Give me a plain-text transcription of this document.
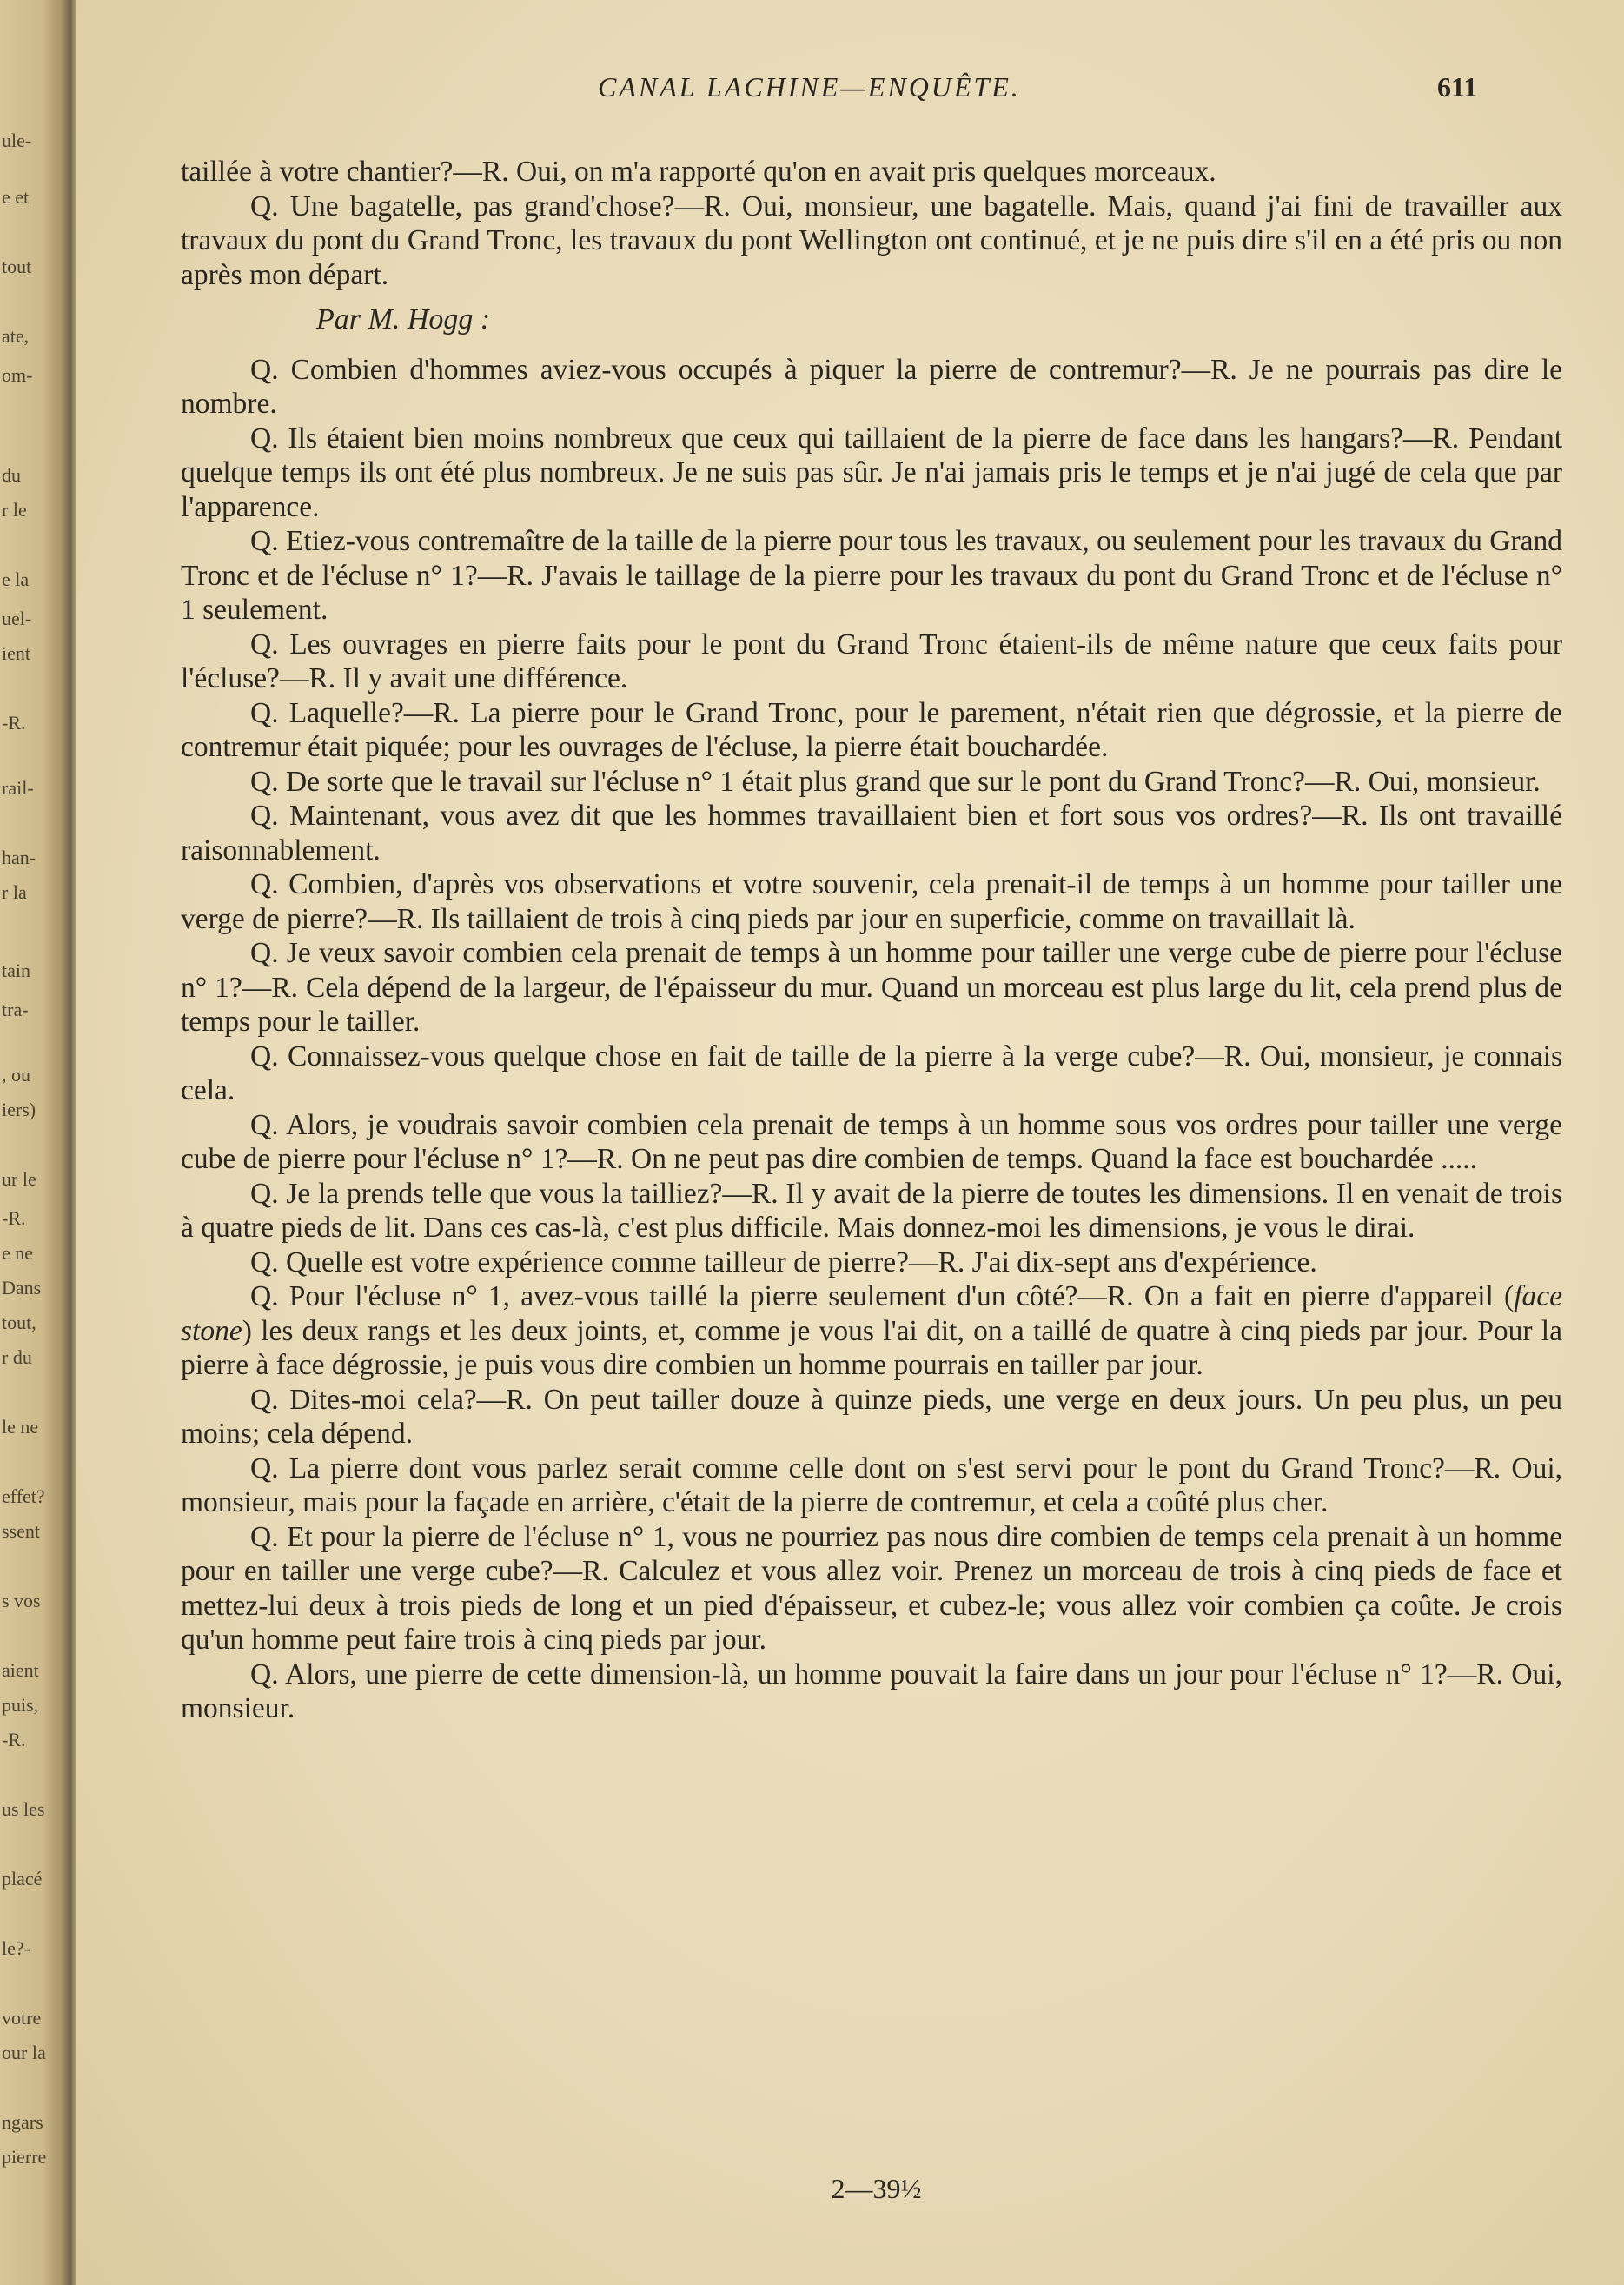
ule-
e et
tout
ate,
om-
du
r le
e la
uel-
ient
-R.
rail-
han-
r la
tain
tra-
, ou
iers)
ur le
-R.
e ne
Dans
tout,
r du
le ne
effet?
ssent
s vos
aient
puis,
-R.
us les
placé
le?-
votre
our la
ngars
pierre
CANAL LACHINE—ENQUÊTE.	611

taillée à votre chantier?—R. Oui, on m'a rapporté qu'on en avait pris quelques morceaux.

Q. Une bagatelle, pas grand'chose?—R. Oui, monsieur, une bagatelle. Mais, quand j'ai fini de travailler aux travaux du pont du Grand Tronc, les travaux du pont Wellington ont continué, et je ne puis dire s'il en a été pris ou non après mon départ.

Par M. Hogg :

Q. Combien d'hommes aviez-vous occupés à piquer la pierre de contremur?—R. Je ne pourrais pas dire le nombre.

Q. Ils étaient bien moins nombreux que ceux qui taillaient de la pierre de face dans les hangars?—R. Pendant quelque temps ils ont été plus nombreux. Je ne suis pas sûr. Je n'ai jamais pris le temps et je n'ai jugé de cela que par l'apparence.

Q. Etiez-vous contremaître de la taille de la pierre pour tous les travaux, ou seulement pour les travaux du Grand Tronc et de l'écluse n° 1?—R. J'avais le taillage de la pierre pour les travaux du pont du Grand Tronc et de l'écluse n° 1 seulement.

Q. Les ouvrages en pierre faits pour le pont du Grand Tronc étaient-ils de même nature que ceux faits pour l'écluse?—R. Il y avait une différence.

Q. Laquelle?—R. La pierre pour le Grand Tronc, pour le parement, n'était rien que dégrossie, et la pierre de contremur était piquée; pour les ouvrages de l'écluse, la pierre était bouchardée.

Q. De sorte que le travail sur l'écluse n° 1 était plus grand que sur le pont du Grand Tronc?—R. Oui, monsieur.

Q. Maintenant, vous avez dit que les hommes travaillaient bien et fort sous vos ordres?—R. Ils ont travaillé raisonnablement.

Q. Combien, d'après vos observations et votre souvenir, cela prenait-il de temps à un homme pour tailler une verge de pierre?—R. Ils taillaient de trois à cinq pieds par jour en superficie, comme on travaillait là.

Q. Je veux savoir combien cela prenait de temps à un homme pour tailler une verge cube de pierre pour l'écluse n° 1?—R. Cela dépend de la largeur, de l'épaisseur du mur. Quand un morceau est plus large du lit, cela prend plus de temps pour le tailler.

Q. Connaissez-vous quelque chose en fait de taille de la pierre à la verge cube?—R. Oui, monsieur, je connais cela.

Q. Alors, je voudrais savoir combien cela prenait de temps à un homme sous vos ordres pour tailler une verge cube de pierre pour l'écluse n° 1?—R. On ne peut pas dire combien de temps. Quand la face est bouchardée .....

Q. Je la prends telle que vous la tailliez?—R. Il y avait de la pierre de toutes les dimensions. Il en venait de trois à quatre pieds de lit. Dans ces cas-là, c'est plus difficile. Mais donnez-moi les dimensions, je vous le dirai.

Q. Quelle est votre expérience comme tailleur de pierre?—R. J'ai dix-sept ans d'expérience.

Q. Pour l'écluse n° 1, avez-vous taillé la pierre seulement d'un côté?—R. On a fait en pierre d'appareil (face stone) les deux rangs et les deux joints, et, comme je vous l'ai dit, on a taillé de quatre à cinq pieds par jour. Pour la pierre à face dégrossie, je puis vous dire combien un homme pourrais en tailler par jour.

Q. Dites-moi cela?—R. On peut tailler douze à quinze pieds, une verge en deux jours. Un peu plus, un peu moins; cela dépend.

Q. La pierre dont vous parlez serait comme celle dont on s'est servi pour le pont du Grand Tronc?—R. Oui, monsieur, mais pour la façade en arrière, c'était de la pierre de contremur, et cela a coûté plus cher.

Q. Et pour la pierre de l'écluse n° 1, vous ne pourriez pas nous dire combien de temps cela prenait à un homme pour en tailler une verge cube?—R. Calculez et vous allez voir. Prenez un morceau de trois à cinq pieds de face et mettez-lui deux à trois pieds de long et un pied d'épaisseur, et cubez-le; vous allez voir combien ça coûte. Je crois qu'un homme peut faire trois à cinq pieds par jour.

Q. Alors, une pierre de cette dimension-là, un homme pouvait la faire dans un jour pour l'écluse n° 1?—R. Oui, monsieur.

2—39½
